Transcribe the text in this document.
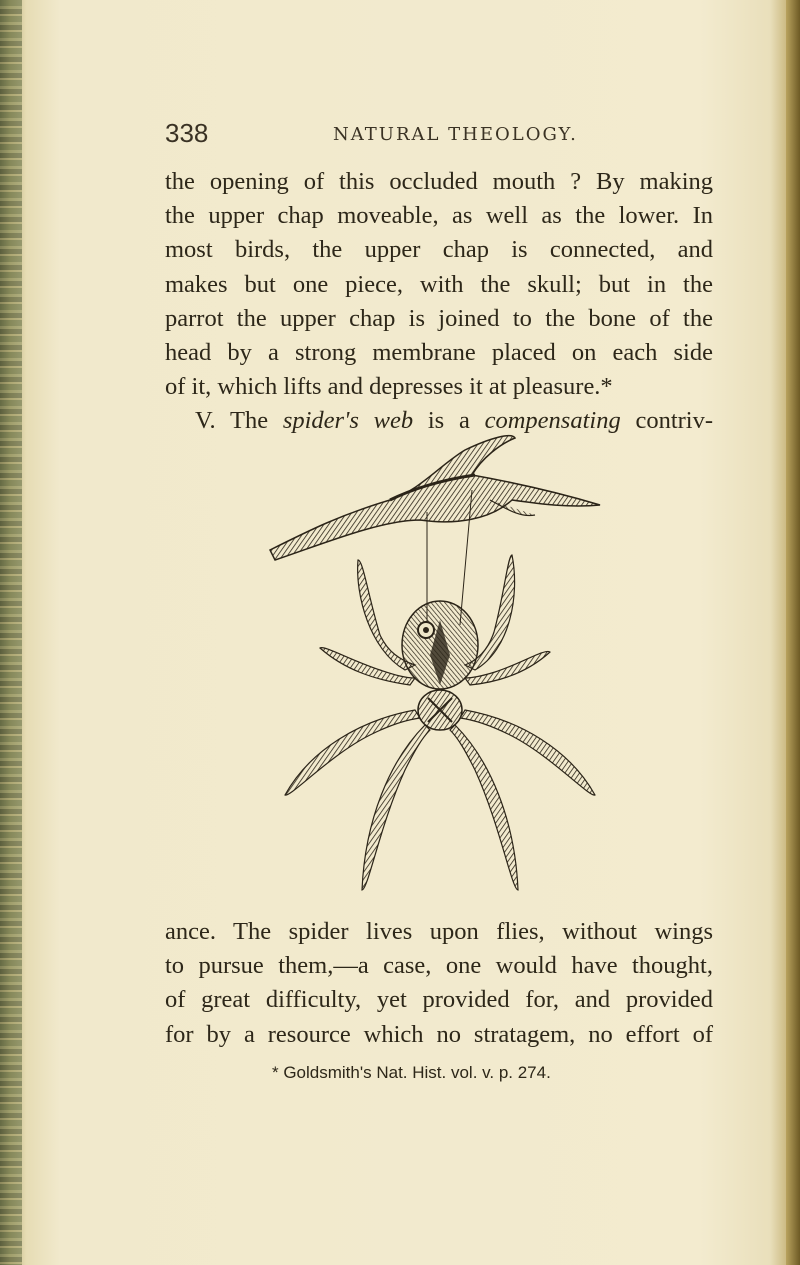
338	NATURAL THEOLOGY.
the opening of this occluded mouth ? By making
the upper chap moveable, as well as the lower. In
most birds, the upper chap is connected, and
makes but one piece, with the skull; but in the
parrot the upper chap is joined to the bone of the
head by a strong membrane placed on each side
of it, which lifts and depresses it at pleasure.*
V. The spider's web is a compensating contriv-
ance. The spider lives upon flies, without wings
to pursue them,—a case, one would have thought,
of great difficulty, yet provided for, and provided
for by a resource which no stratagem, no effort of
* Goldsmith's Nat. Hist. vol. v. p. 274.
